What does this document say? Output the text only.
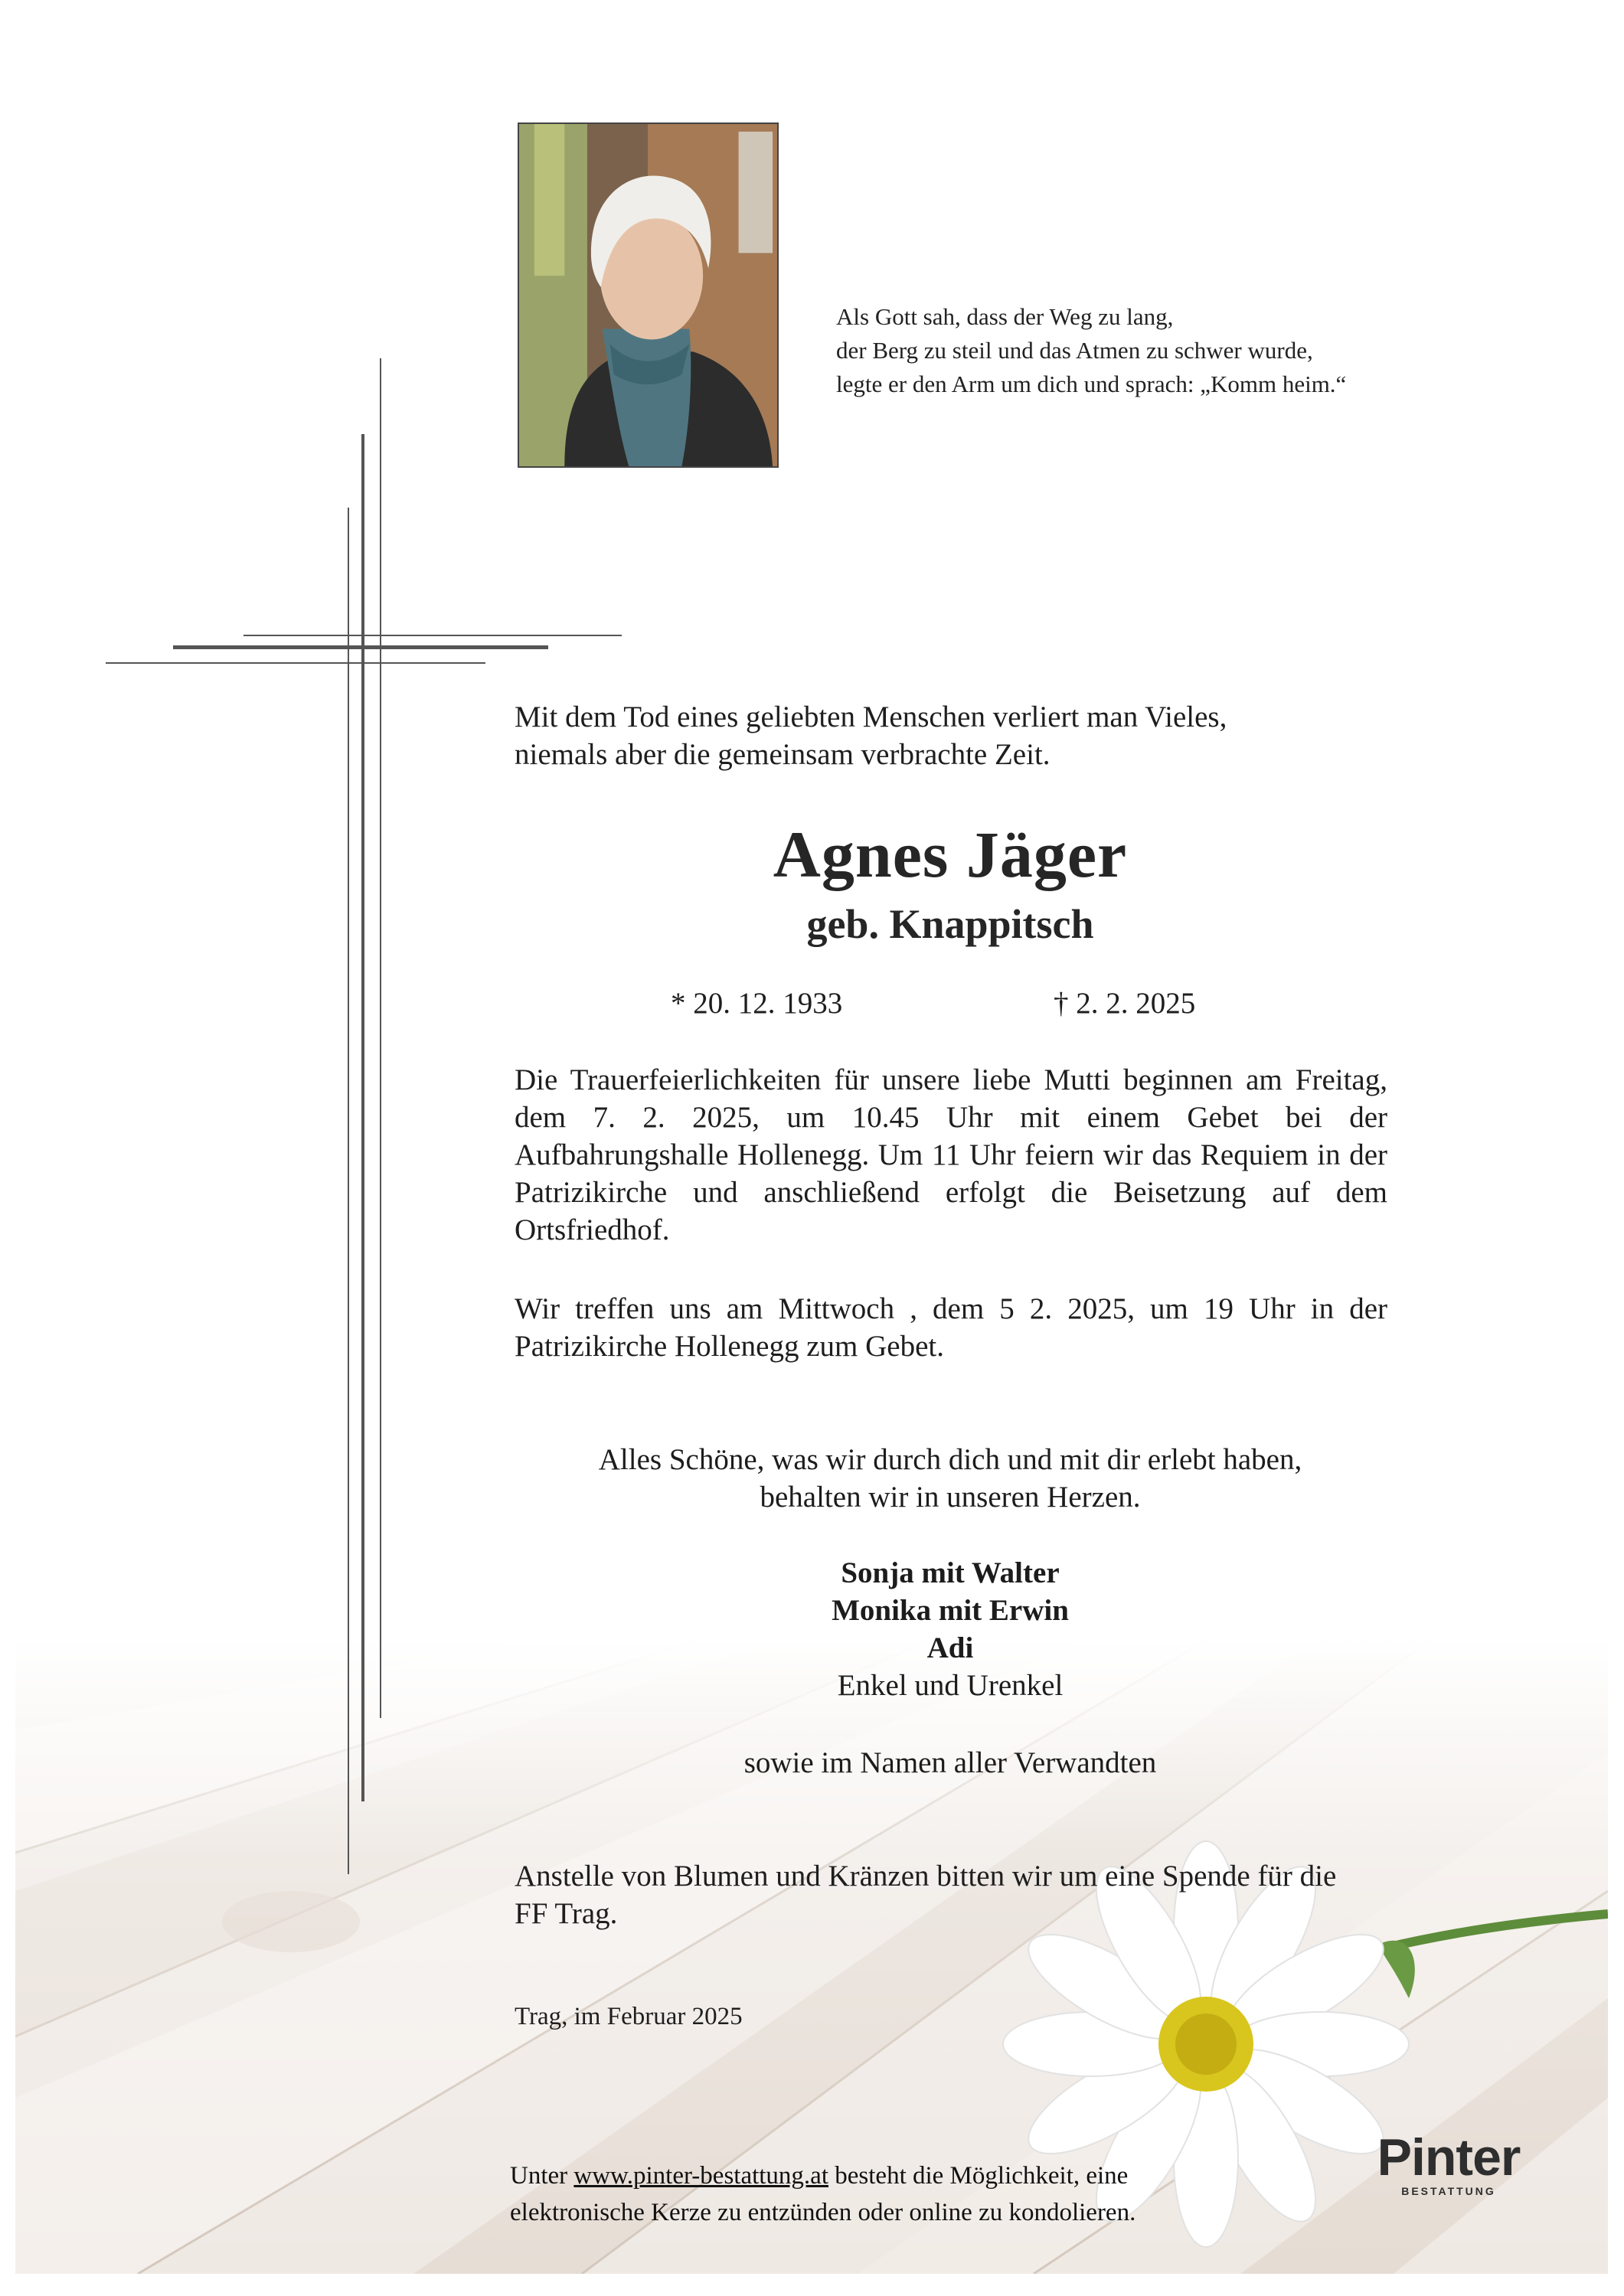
Als Gott sah, dass der Weg zu lang,
der Berg zu steil und das Atmen zu schwer wurde,
legte er den Arm um dich und sprach: „Komm heim.“
Mit dem Tod eines geliebten Menschen verliert man Vieles,
niemals aber die gemeinsam verbrachte Zeit.
Agnes Jäger
geb. Knappitsch
* 20. 12. 1933	† 2. 2. 2025
Die Trauerfeierlichkeiten für unsere liebe Mutti beginnen am Freitag, dem 7. 2. 2025, um 10.45 Uhr mit einem Gebet bei der Aufbahrungshalle Hollenegg. Um 11 Uhr feiern wir das Requiem in der Patrizikirche und anschließend erfolgt die Beisetzung auf dem Ortsfriedhof.
Wir treffen uns am Mittwoch , dem 5 2. 2025, um 19 Uhr in der Patrizikirche Hollenegg zum Gebet.
Alles Schöne, was wir durch dich und mit dir erlebt haben,
behalten wir in unseren Herzen.
Sonja mit Walter
Monika mit Erwin
Adi
Enkel und Urenkel
sowie im Namen aller Verwandten
Anstelle von Blumen und Kränzen bitten wir um eine Spende für die
FF Trag.
Trag, im Februar 2025
Unter www.pinter-bestattung.at besteht die Möglichkeit, eine
elektronische Kerze zu entzünden oder online zu kondolieren.
Pinter
BESTATTUNG
